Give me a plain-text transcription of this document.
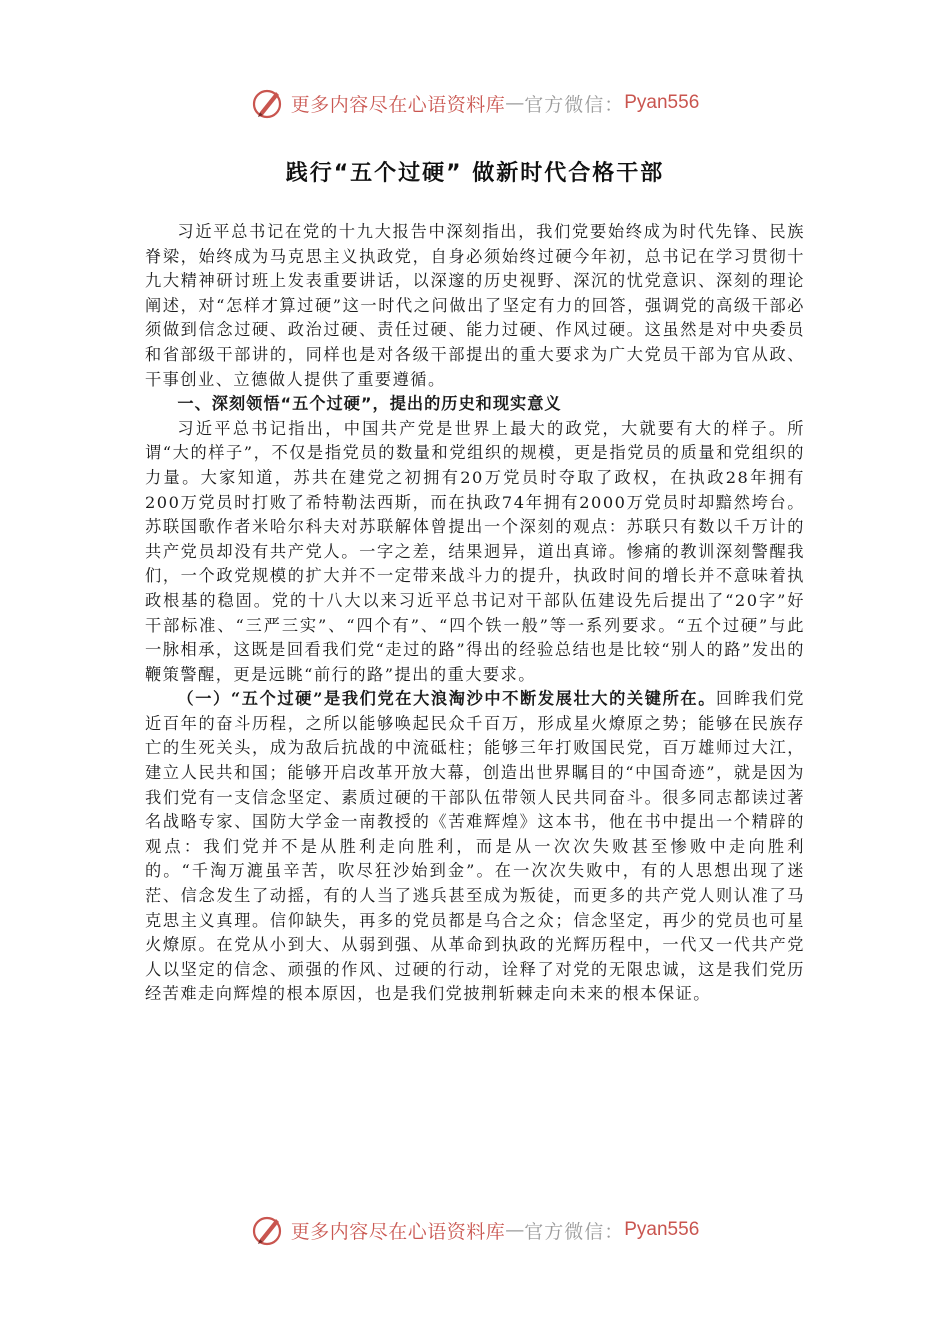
更多内容尽在心语资料库 — 官方微信： Pyan556
践行“五个过硬” 做新时代合格干部

习近平总书记在党的十九大报告中深刻指出，我们党要始终成为时代先锋、民族脊梁，始终成为马克思主义执政党，自身必须始终过硬今年初，总书记在学习贯彻十九大精神研讨班上发表重要讲话，以深邃的历史视野、深沉的忧党意识、深刻的理论阐述，对“怎样才算过硬”这一时代之问做出了坚定有力的回答，强调党的高级干部必须做到信念过硬、政治过硬、责任过硬、能力过硬、作风过硬。这虽然是对中央委员和省部级干部讲的，同样也是对各级干部提出的重大要求为广大党员干部为官从政、干事创业、立德做人提供了重要遵循。

一、深刻领悟“五个过硬”，提出的历史和现实意义

习近平总书记指出，中国共产党是世界上最大的政党，大就要有大的样子。所谓“大的样子”，不仅是指党员的数量和党组织的规模，更是指党员的质量和党组织的力量。大家知道，苏共在建党之初拥有20万党员时夺取了政权，在执政28年拥有200万党员时打败了希特勒法西斯，而在执政74年拥有2000万党员时却黯然垮台。苏联国歌作者米哈尔科夫对苏联解体曾提出一个深刻的观点：苏联只有数以千万计的共产党员却没有共产党人。一字之差，结果迥异，道出真谛。惨痛的教训深刻警醒我们，一个政党规模的扩大并不一定带来战斗力的提升，执政时间的增长并不意味着执政根基的稳固。党的十八大以来习近平总书记对干部队伍建设先后提出了“20字”好干部标准、“三严三实”、“四个有”、“四个铁一般”等一系列要求。“五个过硬”与此一脉相承，这既是回看我们党“走过的路”得出的经验总结也是比较“别人的路”发出的鞭策警醒，更是远眺“前行的路”提出的重大要求。

（一）“五个过硬”是我们党在大浪淘沙中不断发展壮大的关键所在。回眸我们党近百年的奋斗历程，之所以能够唤起民众千百万，形成星火燎原之势；能够在民族存亡的生死关头，成为敌后抗战的中流砥柱；能够三年打败国民党，百万雄师过大江，建立人民共和国；能够开启改革开放大幕，创造出世界瞩目的“中国奇迹”，就是因为我们党有一支信念坚定、素质过硬的干部队伍带领人民共同奋斗。很多同志都读过著名战略专家、国防大学金一南教授的《苦难辉煌》这本书，他在书中提出一个精辟的观点：我们党并不是从胜利走向胜利，而是从一次次失败甚至惨败中走向胜利的。“千淘万漉虽辛苦，吹尽狂沙始到金”。在一次次失败中，有的人思想出现了迷茫、信念发生了动摇，有的人当了逃兵甚至成为叛徒，而更多的共产党人则认准了马克思主义真理。信仰缺失，再多的党员都是乌合之众；信念坚定，再少的党员也可星火燎原。在党从小到大、从弱到强、从革命到执政的光辉历程中，一代又一代共产党人以坚定的信念、顽强的作风、过硬的行动，诠释了对党的无限忠诚，这是我们党历经苦难走向辉煌的根本原因，也是我们党披荆斩棘走向未来的根本保证。

更多内容尽在心语资料库 — 官方微信： Pyan556
